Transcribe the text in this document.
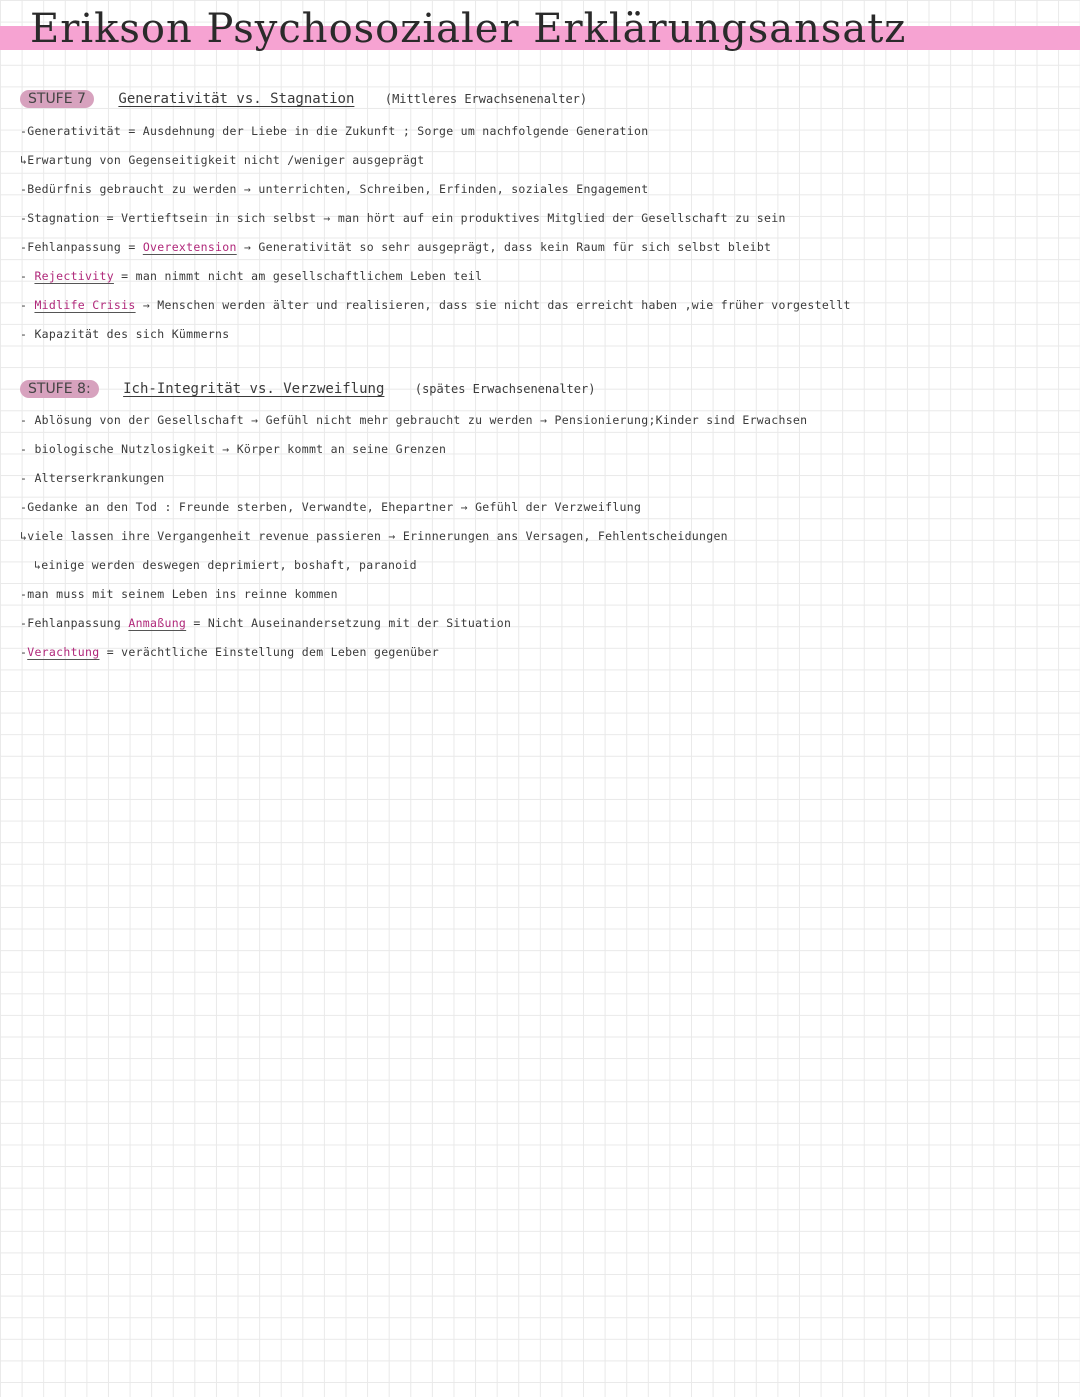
Erikson Psychosozialer Erklärungsansatz
STUFE 7 Generativität vs. Stagnation	(Mittleres Erwachsenenalter)
-Generativität = Ausdehnung der Liebe in die Zukunft ; Sorge um nachfolgende Generation
↳Erwartung von Gegenseitigkeit nicht /weniger ausgeprägt
-Bedürfnis gebraucht zu werden → unterrichten, Schreiben, Erfinden, soziales Engagement
-Stagnation = Vertieftsein in sich selbst → man hört auf ein produktives Mitglied der Gesellschaft zu sein
-Fehlanpassung = Overextension → Generativität so sehr ausgeprägt, dass kein Raum für sich selbst bleibt
- Rejectivity = man nimmt nicht am gesellschaftlichem Leben teil
- Midlife Crisis → Menschen werden älter und realisieren, dass sie nicht das erreicht haben ,wie früher vorgestellt
- Kapazität des sich Kümmerns
STUFE 8: Ich-Integrität vs. Verzweiflung	(spätes Erwachsenenalter)
- Ablösung von der Gesellschaft → Gefühl nicht mehr gebraucht zu werden → Pensionierung;Kinder sind Erwachsen
- biologische Nutzlosigkeit → Körper kommt an seine Grenzen
- Alterserkrankungen
-Gedanke an den Tod : Freunde sterben, Verwandte, Ehepartner → Gefühl der Verzweiflung
↳viele lassen ihre Vergangenheit revenue passieren → Erinnerungen ans Versagen, Fehlentscheidungen
↳einige werden deswegen deprimiert, boshaft, paranoid
-man muss mit seinem Leben ins reinne kommen
-Fehlanpassung Anmaßung = Nicht Auseinandersetzung mit der Situation
-Verachtung = verächtliche Einstellung dem Leben gegenüber
